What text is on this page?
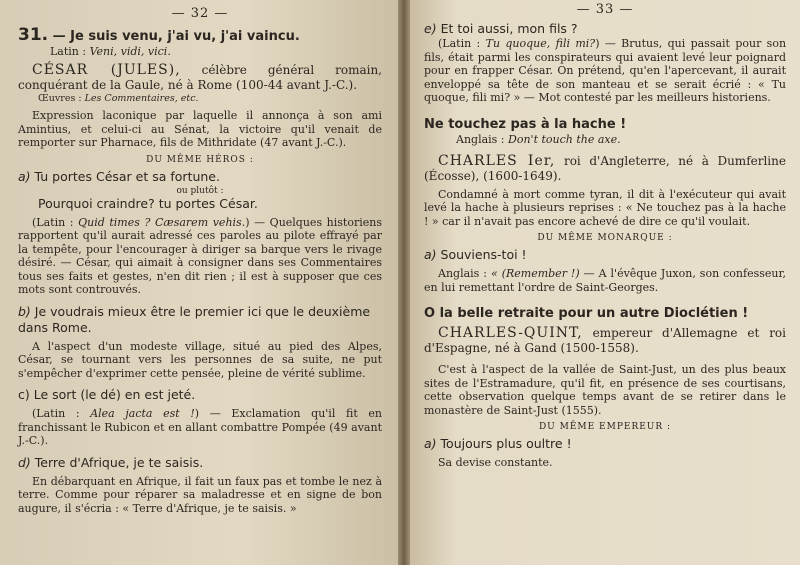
— 32 —

31. — Je suis venu, j'ai vu, j'ai vaincu.

Latin : Veni, vidi, vici.

CÉSAR (JULES), célèbre général romain, conquérant de la Gaule, né à Rome (100-44 avant J.-C.).

Œuvres : Les Commentaires, etc.

Expression laconique par laquelle il annonça à son ami Amintius, et celui-ci au Sénat, la victoire qu'il venait de remporter sur Pharnace, fils de Mithridate (47 avant J.-C.).

DU MÊME HÉROS :

a) Tu portes César et sa fortune.

ou plutôt :

Pourquoi craindre? tu portes César.

(Latin : Quid times ? Cæsarem vehis.) — Quelques historiens rapportent qu'il aurait adressé ces paroles au pilote effrayé par la tempête, pour l'encourager à diriger sa barque vers le rivage désiré. — César, qui aimait à consigner dans ses Commentaires tous ses faits et gestes, n'en dit rien ; il est à supposer que ces mots sont controuvés.

b) Je voudrais mieux être le premier ici que le deuxième dans Rome.

A l'aspect d'un modeste village, situé au pied des Alpes, César, se tournant vers les personnes de sa suite, ne put s'empêcher d'exprimer cette pensée, pleine de vérité sublime.

c) Le sort (le dé) en est jeté.

(Latin : Alea jacta est !) — Exclamation qu'il fit en franchissant le Rubicon et en allant combattre Pompée (49 avant J.-C.).

d) Terre d'Afrique, je te saisis.

En débarquant en Afrique, il fait un faux pas et tombe le nez à terre. Comme pour réparer sa maladresse et en signe de bon augure, il s'écria : « Terre d'Afrique, je te saisis. »

— 33 —

e) Et toi aussi, mon fils ?

(Latin : Tu quoque, fili mi?) — Brutus, qui passait pour son fils, était parmi les conspirateurs qui avaient levé leur poignard pour en frapper César. On prétend, qu'en l'apercevant, il aurait enveloppé sa tête de son manteau et se serait écrié : « Tu quoque, fili mi? » — Mot contesté par les meilleurs historiens.

Ne touchez pas à la hache !

Anglais : Don't touch the axe.

CHARLES Ier, roi d'Angleterre, né à Dumferline (Écosse), (1600-1649).

Condamné à mort comme tyran, il dit à l'exécuteur qui avait levé la hache à plusieurs reprises : « Ne touchez pas à la hache ! » car il n'avait pas encore achevé de dire ce qu'il voulait.

DU MÊME MONARQUE :

a) Souviens-toi !

Anglais : « (Remember !) — A l'évêque Juxon, son confesseur, en lui remettant l'ordre de Saint-Georges.

O la belle retraite pour un autre Dioclétien !

CHARLES-QUINT, empereur d'Allemagne et roi d'Espagne, né à Gand (1500-1558).

C'est à l'aspect de la vallée de Saint-Just, un des plus beaux sites de l'Estramadure, qu'il fit, en présence de ses courtisans, cette observation quelque temps avant de se retirer dans le monastère de Saint-Just (1555).

DU MÊME EMPEREUR :

a) Toujours plus oultre !

Sa devise constante.
